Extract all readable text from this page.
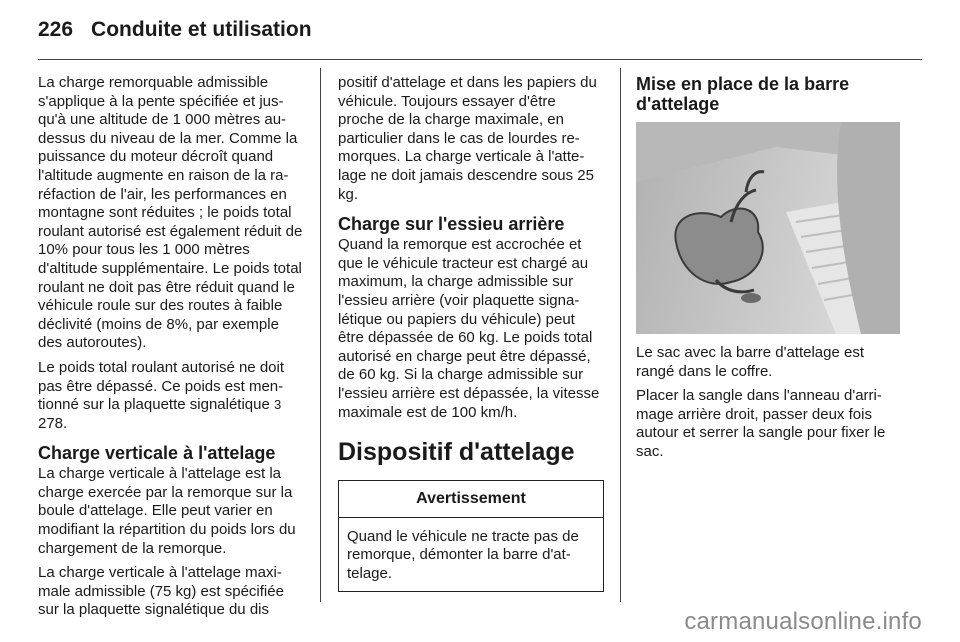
226 Conduite et utilisation

La charge remorquable admissible s'applique à la pente spécifiée et jusqu'à une altitude de 1 000 mètres audessus du niveau de la mer. Comme la puissance du moteur décroît quand l'altitude augmente en raison de la raréfaction de l'air, les performances en montagne sont réduites ; le poids total roulant autorisé est également réduit de 10% pour tous les 1 000 mètres d'altitude supplémentaire. Le poids total roulant ne doit pas être réduit quand le véhicule roule sur des routes à faible déclivité (moins de 8%, par exemple des autoroutes).

Le poids total roulant autorisé ne doit pas être dépassé. Ce poids est mentionné sur la plaquette signalétique 3 278.

Charge verticale à l'attelage

La charge verticale à l'attelage est la charge exercée par la remorque sur la boule d'attelage. Elle peut varier en modifiant la répartition du poids lors du chargement de la remorque.

La charge verticale à l'attelage maximale admissible (75 kg) est spécifiée sur la plaquette signalétique du dis

positif d'attelage et dans les papiers du véhicule. Toujours essayer d'être proche de la charge maximale, en particulier dans le cas de lourdes remorques. La charge verticale à l'attelage ne doit jamais descendre sous 25 kg.

Charge sur l'essieu arrière

Quand la remorque est accrochée et que le véhicule tracteur est chargé au maximum, la charge admissible sur l'essieu arrière (voir plaquette signalétique ou papiers du véhicule) peut être dépassée de 60 kg. Le poids total autorisé en charge peut être dépassé, de 60 kg. Si la charge admissible sur l'essieu arrière est dépassée, la vitesse maximale est de 100 km/h.

Dispositif d'attelage
Avertissement
Quand le véhicule ne tracte pas de remorque, démonter la barre d'attelage.
Mise en place de la barre d'attelage

Le sac avec la barre d'attelage est rangé dans le coffre.

Placer la sangle dans l'anneau d'arrimage arrière droit, passer deux fois autour et serrer la sangle pour fixer le sac.

carmanualsonline.info
